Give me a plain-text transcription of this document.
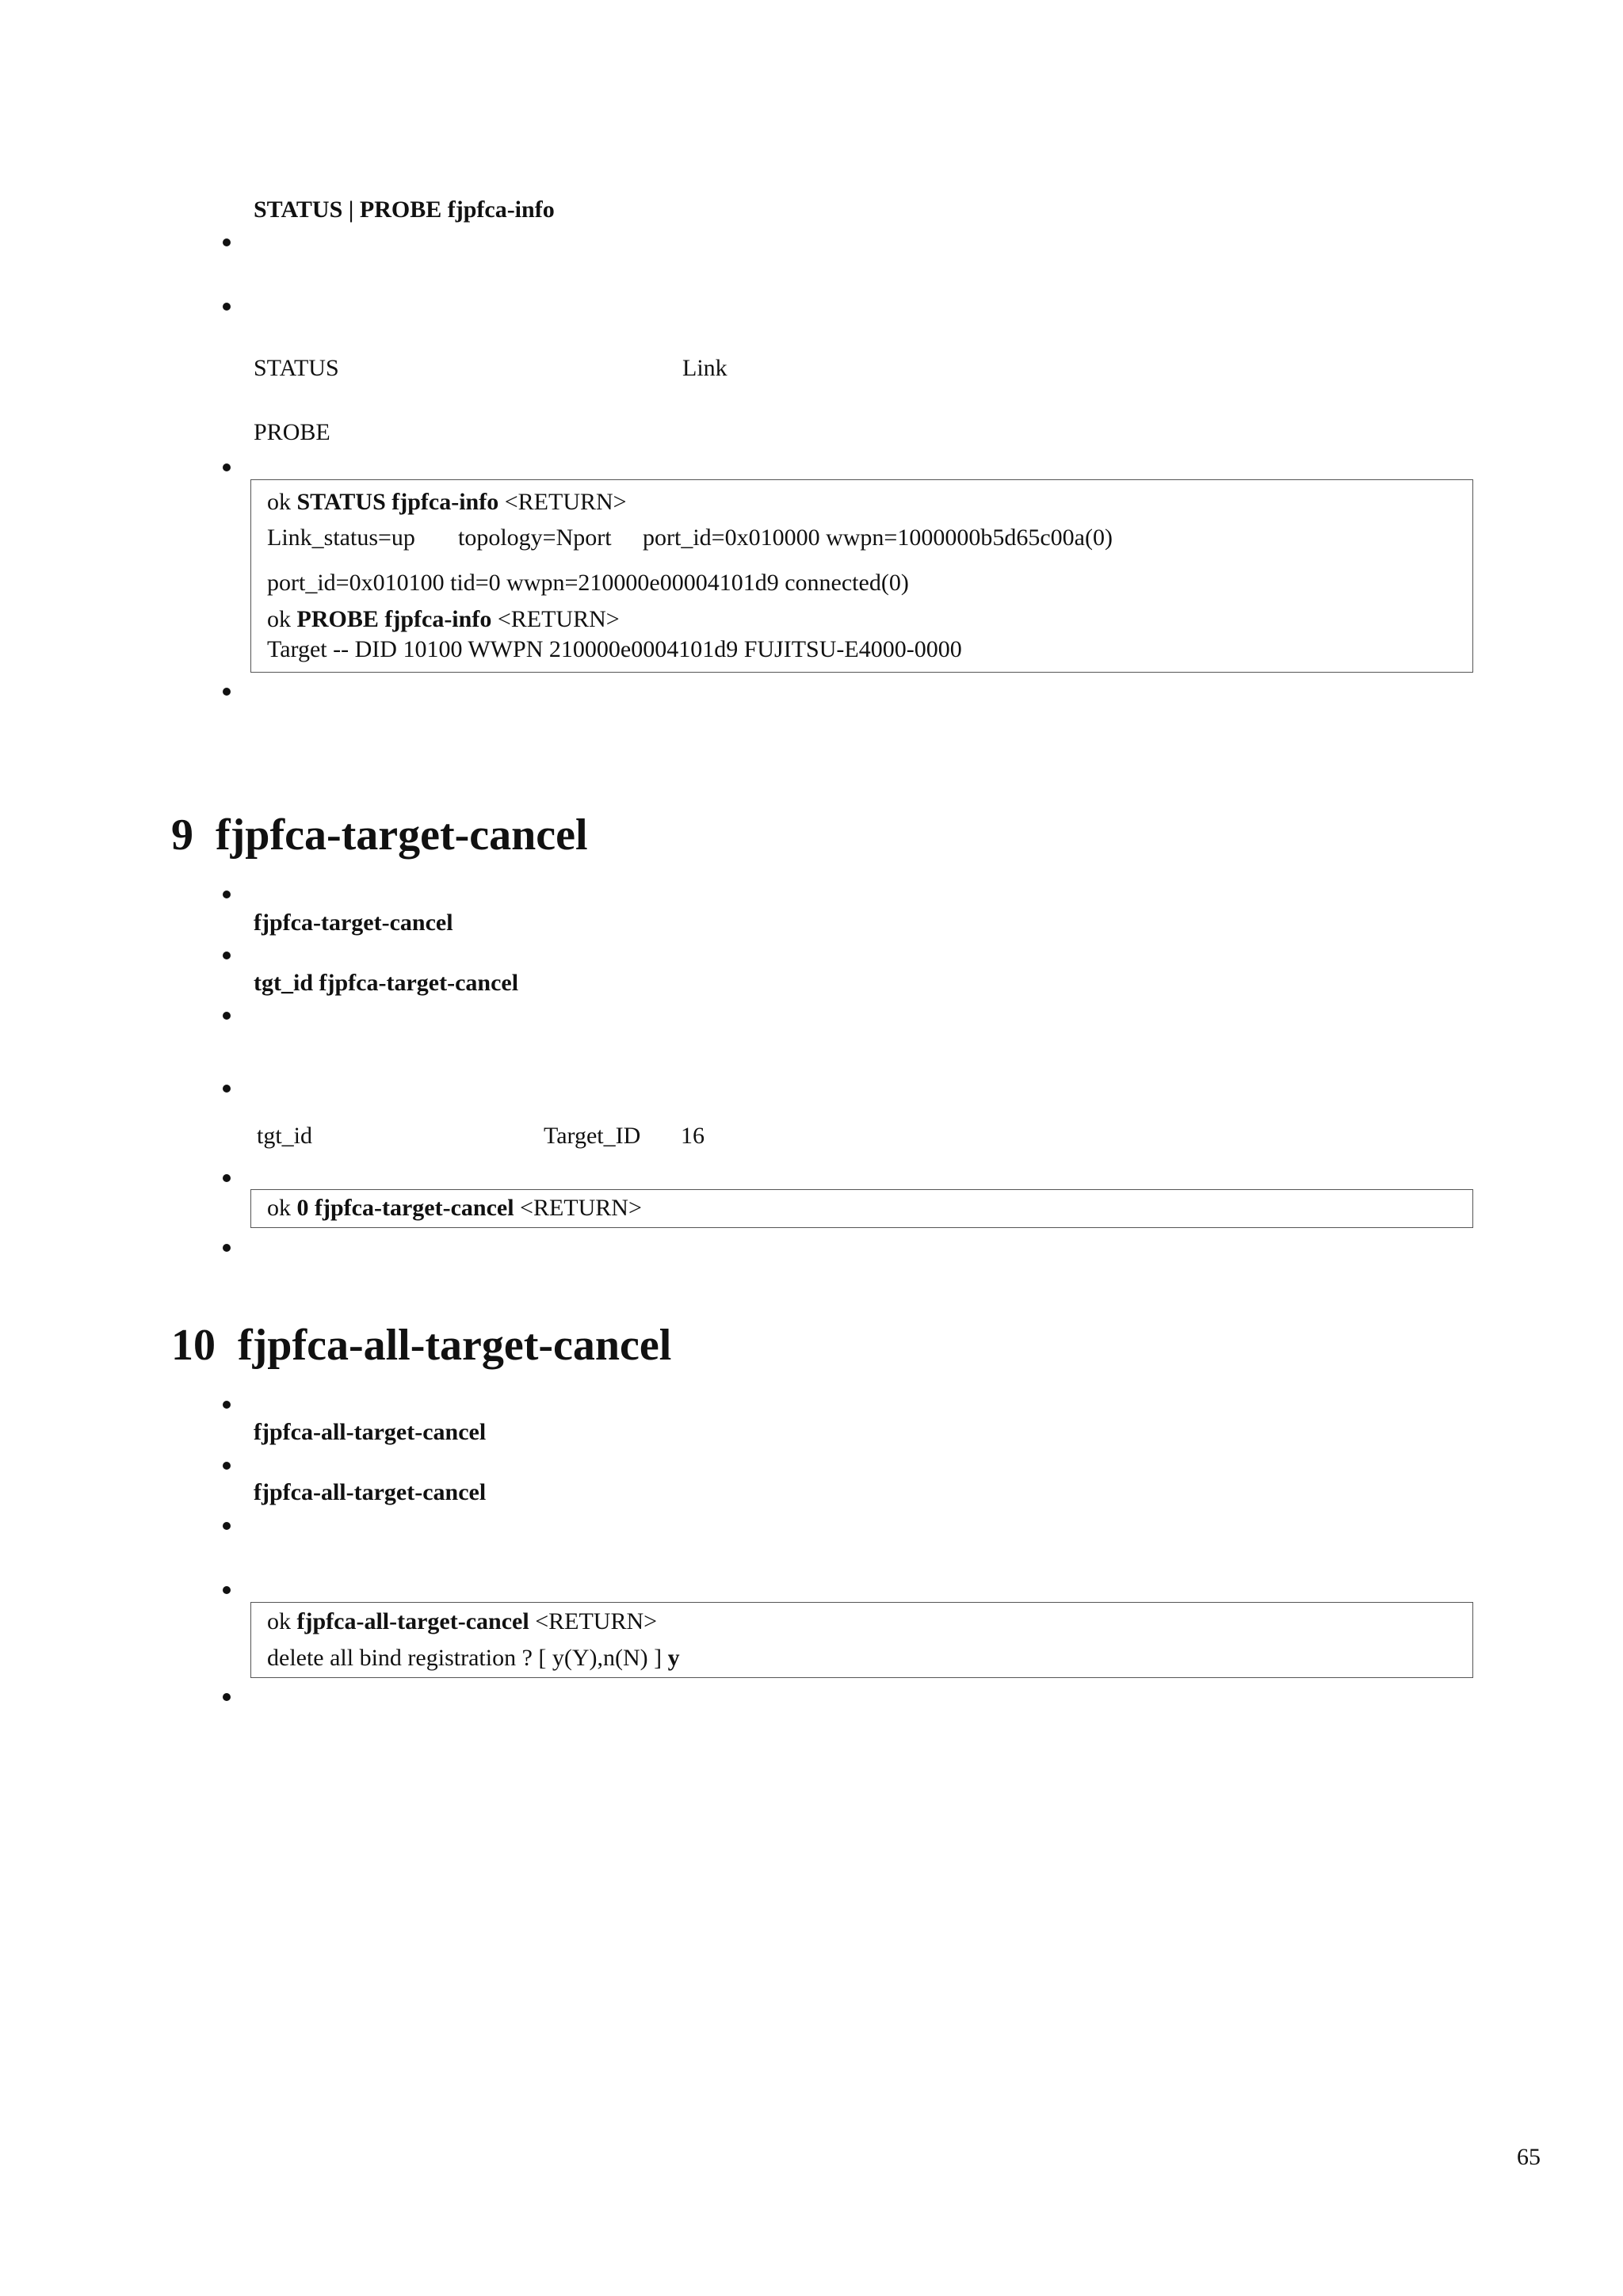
STATUS | PROBE fjpfca-info
STATUS	Link
PROBE
ok STATUS fjpfca-info <RETURN>
Link_status=up topology=Nport port_id=0x010000 wwpn=1000000b5d65c00a(0)
port_id=0x010100 tid=0 wwpn=210000e00004101d9 connected(0)
ok PROBE fjpfca-info <RETURN>
Target -- DID 10100 WWPN 210000e0004101d9 FUJITSU-E4000-0000
9 fjpfca-target-cancel
fjpfca-target-cancel
tgt_id fjpfca-target-cancel
tgt_id	Target_ID 16
ok 0 fjpfca-target-cancel <RETURN>
10 fjpfca-all-target-cancel
fjpfca-all-target-cancel
fjpfca-all-target-cancel
ok fjpfca-all-target-cancel <RETURN>
delete all bind registration ? [ y(Y),n(N) ] y
65
